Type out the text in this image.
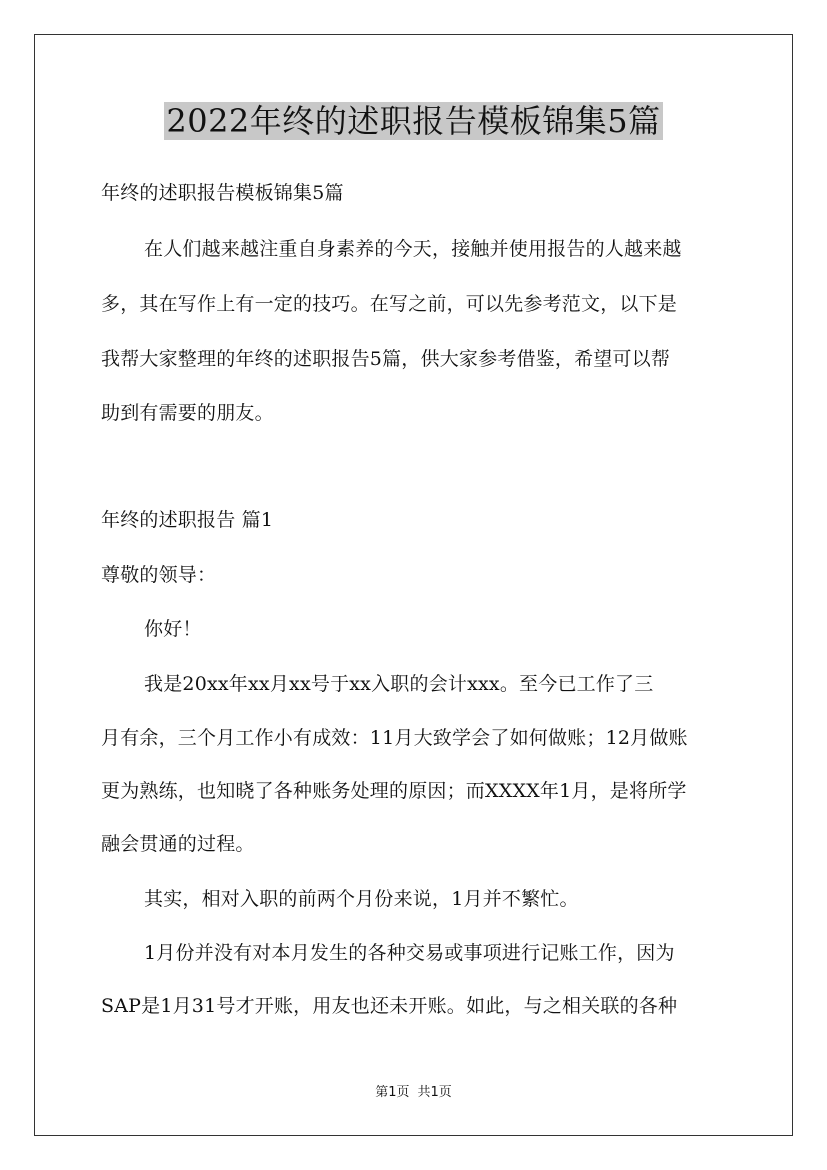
2022年终的述职报告模板锦集5篇
年终的述职报告模板锦集5篇
在人们越来越注重自身素养的今天，接触并使用报告的人越来越
多，其在写作上有一定的技巧。在写之前，可以先参考范文，以下是
我帮大家整理的年终的述职报告5篇，供大家参考借鉴，希望可以帮
助到有需要的朋友。
年终的述职报告 篇1
尊敬的领导：
你好！
我是20xx年xx月xx号于xx入职的会计xxx。至今已工作了三
月有余，三个月工作小有成效：11月大致学会了如何做账；12月做账
更为熟练，也知晓了各种账务处理的原因；而XXXX年1月，是将所学
融会贯通的过程。
其实，相对入职的前两个月份来说，1月并不繁忙。
1月份并没有对本月发生的各种交易或事项进行记账工作，因为
SAP是1月31号才开账，用友也还未开账。如此，与之相关联的各种
第1页 共1页
